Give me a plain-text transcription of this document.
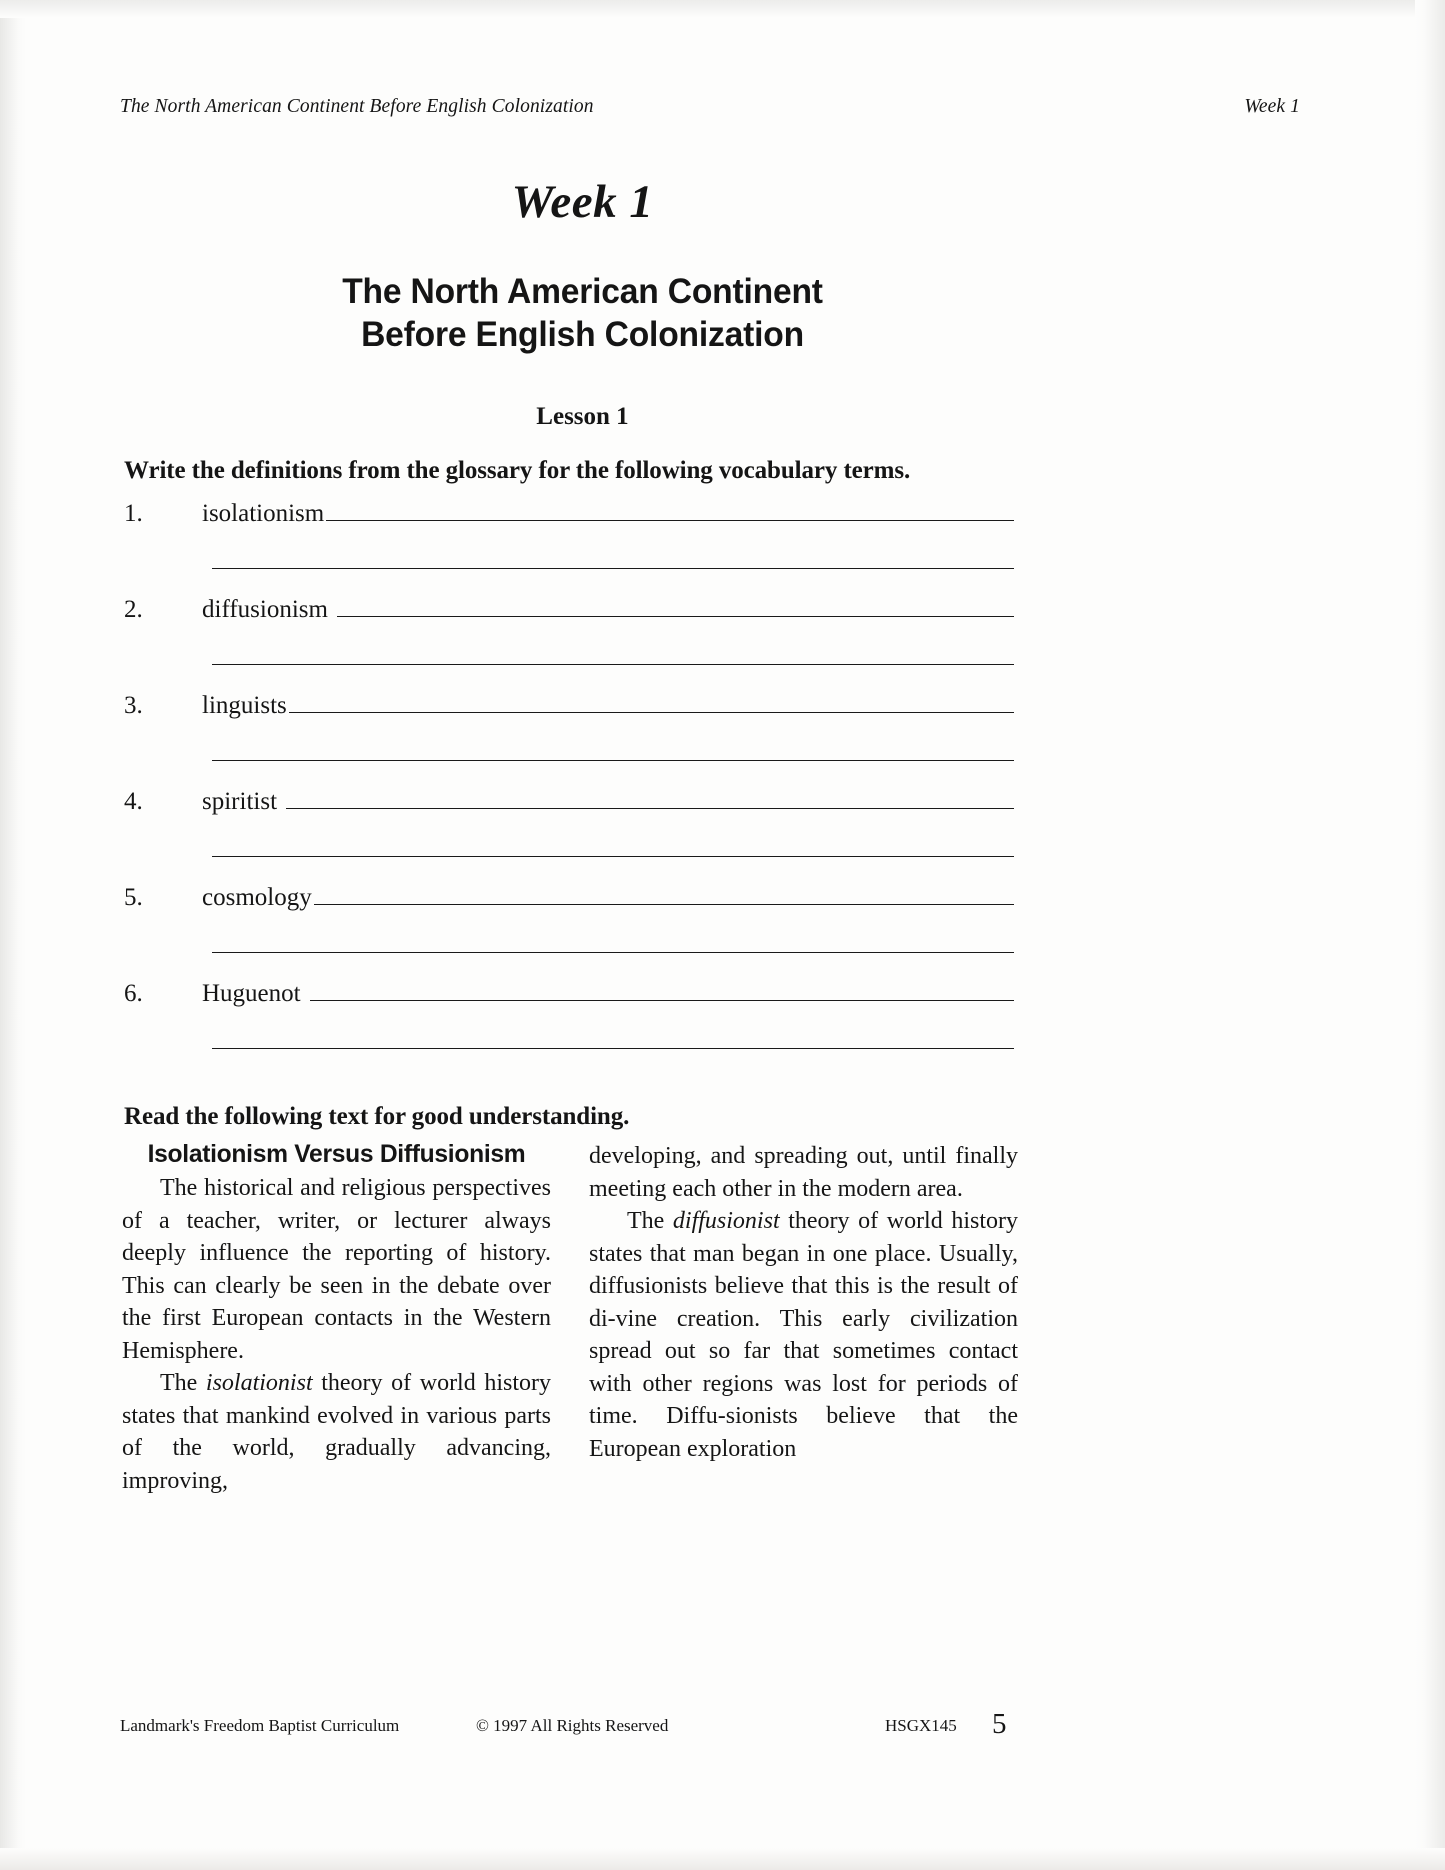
The North American Continent Before English Colonization	Week 1
Week 1
The North American Continent
Before English Colonization
Lesson 1
Write the definitions from the glossary for the following vocabulary terms.
1.	isolationism
2.	diffusionism
3.	linguists
4.	spiritist
5.	cosmology
6.	Huguenot
Read the following text for good understanding.
Isolationism Versus Diffusionism

The historical and religious perspectives of a teacher, writer, or lecturer always deeply influence the reporting of history. This can clearly be seen in the debate over the first European contacts in the Western Hemisphere.

The isolationist theory of world history states that mankind evolved in various parts of the world, gradually advancing, improving,

developing, and spreading out, until finally meeting each other in the modern area.

The diffusionist theory of world history states that man began in one place. Usually, diffusionists believe that this is the result of di-vine creation. This early civilization spread out so far that sometimes contact with other regions was lost for periods of time. Diffu-sionists believe that the European exploration

Landmark's Freedom Baptist Curriculum	© 1997 All Rights Reserved	HSGX145 5
